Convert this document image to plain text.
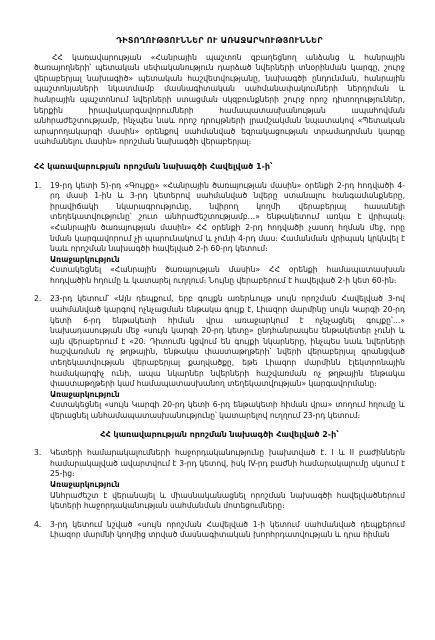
ԴԻՏՈՂՈՒԹՅՈՒՆՆԵՐ ՈՒ ԱՌԱՋԱՐԿՈՒԹՅՈՒՆՆԵՐ

ՀՀ կառավարության «Հանրային պաշտոն զբաղեցնող անձանց և հանրային ծառայողների՝ պետական սեփականություն դարձած նվերների տնօրինման կարգը, շուրջ վերաբերյալ նախագիծ» պետական հաշվետվությանը, նախագծի ընդունման, հանրային պաշտոնյաների նկատմամբ մասնագիտական սահմանափակումների ներդրման և հանրային պաշտոնում նվերների ստացման սկզբունքների շուրջ որոշ դիտողություններ, ներքին իրավակարգավորումների համապատասխանության ապահովման անհրաժեշտությամբ, ինչպես նաև որոշ դրույթների լրամշակման նպատակով «Պետական արարողակարգի մասին» օրենքով սահմանված եզրակացության տրամադրման կարգը սահմանելու մասին» որոշման նախագծի վերաբերյալ։

ՀՀ կառավարության որոշման նախագծի Հավելված 1-ի՝
1.	19-րդ կետի 5)-րդ «Գույքը» «Հանրային ծառայության մասին» օրենքի 2-րդ հոդվածի 4-րդ մասի 1-ին և 3-րդ կետերով սահմանված նվերը ստանալու հանգամանքները, իրավիճակի նկարագրությունը, նվիրող կողմի վերաբերյալ հասանելի տեղեկատվությունը՝ շուտ անհրաժեշտությամբ…» ենթակետում առկա է վրիպակ։ «Հանրային ծառայության մասին» ՀՀ օրենքի 2-րդ հոդվածի չասող հղման մեջ, որը նման կարգավորում չի պարունակում և չունի 4-րդ մաս։ Համանման վրիպակ կրկնվել է նաև որոշման նախագծի հավելված 2-ի 60-րդ կետում։

Առաջարկություն

Հստակեցնել «Հանրային ծառայության մասին» ՀՀ օրենքի համապատասխան հոդվածին հղումը և կատարել ուղղում։ Նույնը վերաբերում է հավելված 2-ի կետ 60-ին։

2.	23-րդ կետում՝ «Այն դեպքում, երբ գույքն առերևույթ սույն որոշման Հավելված 3-ով սահմանված կարգով ոչնչացման ենթակա գույք է, Լիազոր մարմինը սույն Կարգի 20-րդ կետի 6-րդ ենթակետի հիման վրա առաջարկում է ոչնչացնել գույքը՝…» նախադասության մեջ «սույն կարգի 20-րդ կետը» ընդհանրապես ենթակետեր չունի և այն վերաբերում է «20. Դիտումն կցվում են գույքի նկարները, ինչպես նաև նվերների հաշվառման ոչ թղթային, ենթակա փաստաթղթերի՝ նվերի վերաբերյալ գրանցված տեղեկատվության վերաբերյալ քաղվածքը, եթե Լիազոր մարմինն էլեկտրոնային համակարգիչ ունի, ապա նկարներ նվերների հաշվառման ոչ թղթային ենթակա փաստաթղթերի կամ համապատասխանող տեղեկատվության» կարգավորմանը։

Առաջարկություն

Հստակեցնել «սույն Կարգի 20-րդ կետի 6-րդ ենթակետի հիման վրա» տողում հղումը և վերացնել անհամապատասխանությունը՝ կատարելով ուղղում 23-րդ կետում։

ՀՀ կառավարության որոշման նախագծի Հավելված 2-ի՝
3.	Կետերի համարակալումների հաջորդականությունը խախտված է. I և II բաժիններն համարակալված ավարտվում է 3-րդ կետով, իսկ IV-րդ բաժնի համարակալումը սկսում է 25-ից։

Առաջարկություն

Անհրաժեշտ է վերանայել և միասնականացնել որոշման նախագծի հավելվածներում կետերի հաջորդականության սահմանման մոտեցումները։

4.	3-րդ կետում նշված «սույն որոշման Հավելված 1-ի կետում սահմանված դեպքերում Լիազոր մարմնի կողմից տրված մասնագիտական խորհրդատվության և դրա հիման
